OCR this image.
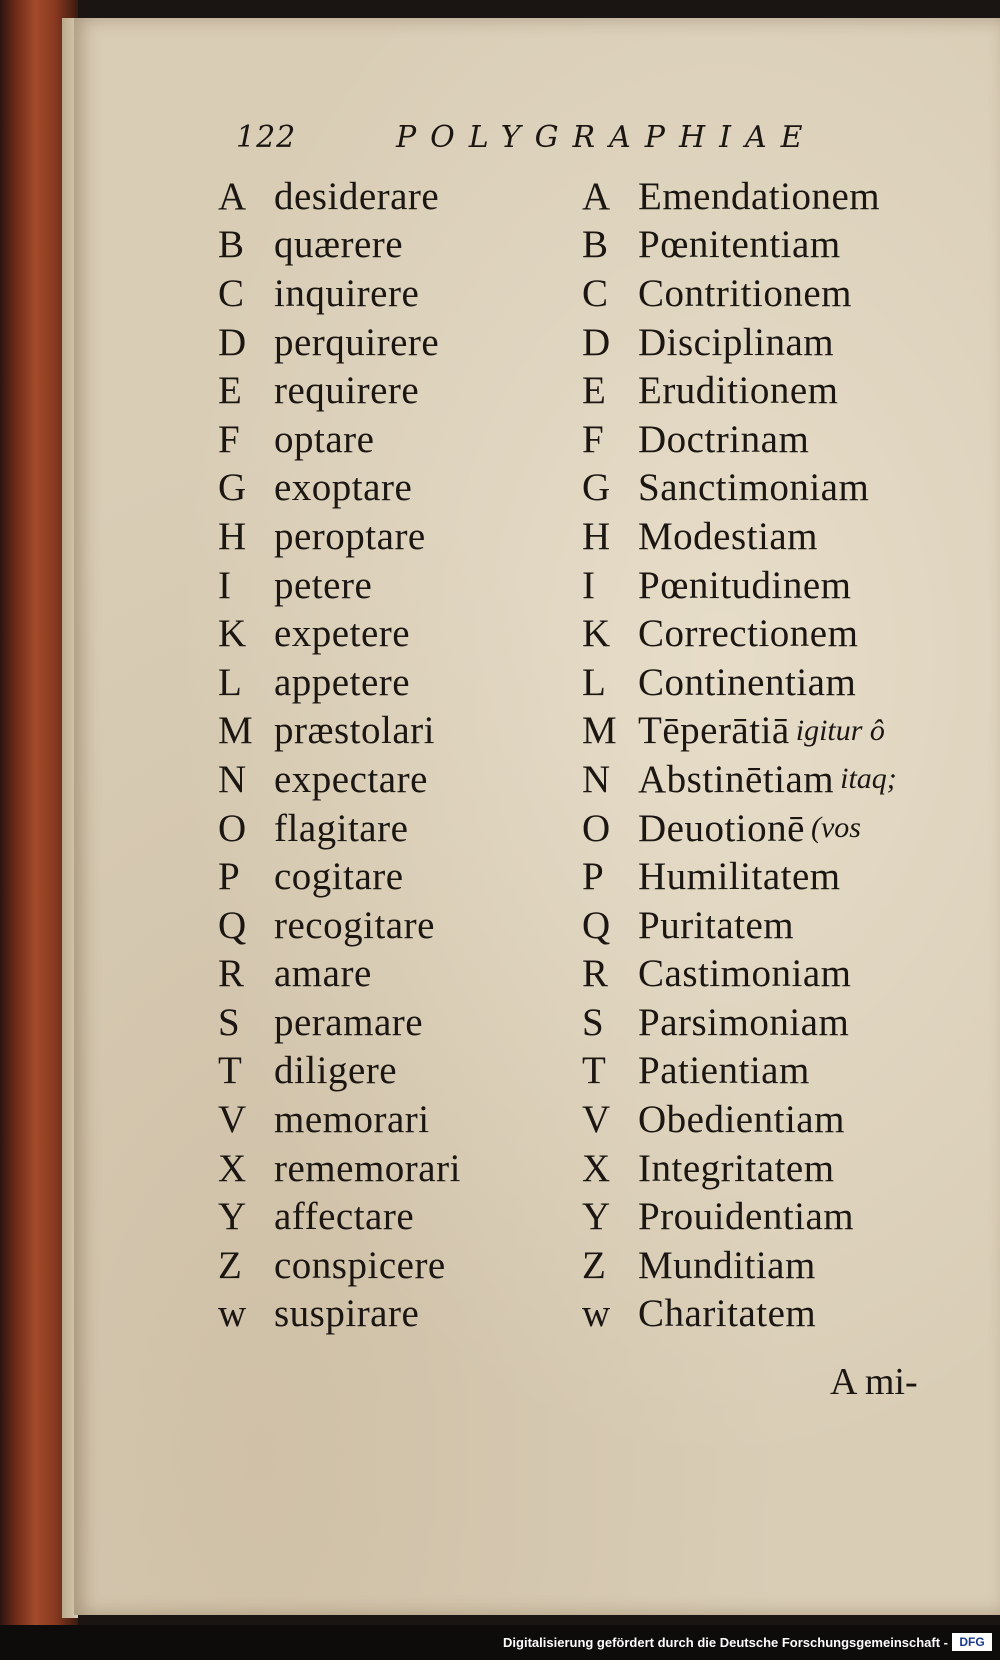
122	POLYGRAPHIAE
A desiderare
B quærere
C inquirere
D perquirere
E requirere
F optare
G exoptare
H peroptare
I	petere
K expetere
L appetere
M præstolari
N expectare
O flagitare
P cogitare
Q recogitare
R amare
S peramare
T diligere
V memorari
X rememorari
Y affectare
Z conspicere
w suspirare
A Emendationem
B Pœnitentiam
C Contritionem
D Disciplinam
E Eruditionem
F Doctrinam
G Sanctimoniam
H Modestiam
I	Pœnitudinem
K Correctionem
L Continentiam
M Tēperātiā igitur ô
N Abstinētiam itaq;
O Deuotionē (vos
P Humilitatem
Q Puritatem
R Castimoniam
S Parsimoniam
T Patientiam
V Obedientiam
X Integritatem
Y Prouidentiam
Z Munditiam
w Charitatem
A mi-
Digitalisierung gefördert durch die Deutsche Forschungsgemeinschaft - DFG
